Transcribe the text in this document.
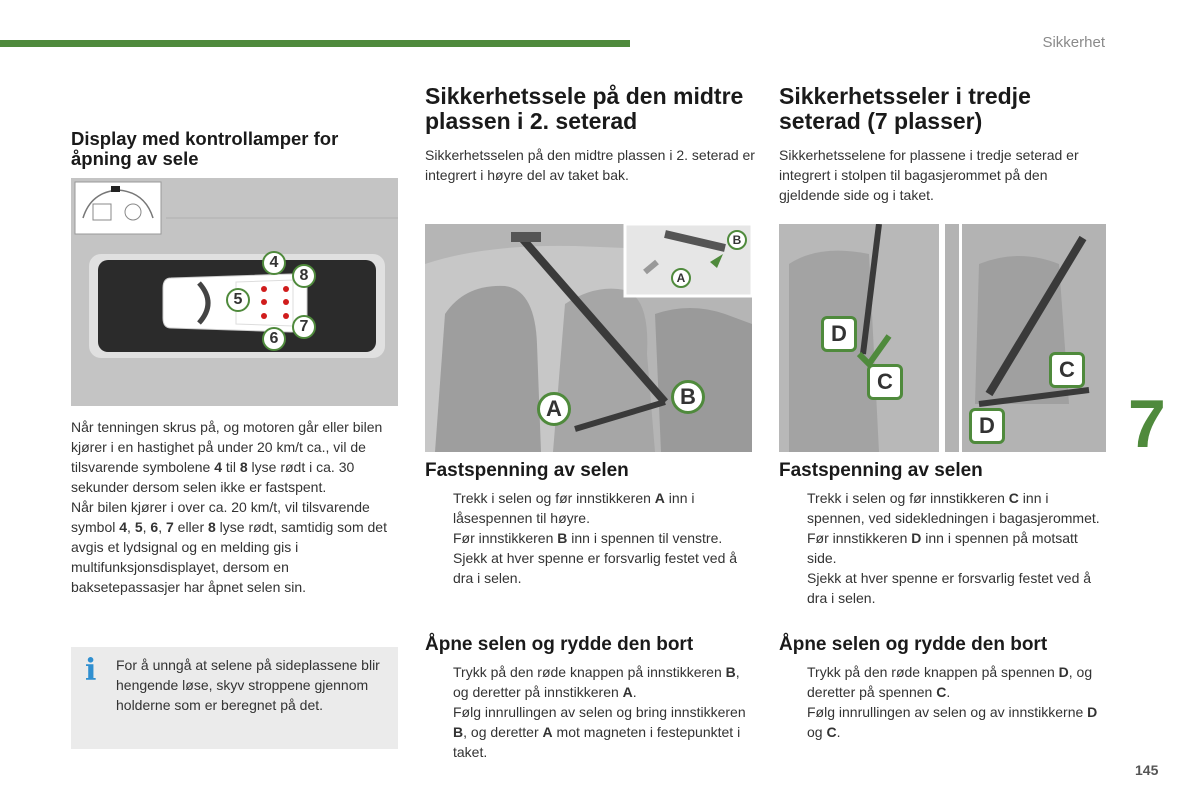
Sikkerhet
7
145
Display med kontrollamper for åpning av sele
4
5
6
7
8

Når tenningen skrus på, og motoren går eller bilen kjører i en hastighet på under 20 km/t ca., vil de tilsvarende symbolene 4 til 8 lyse rødt i ca. 30 sekunder dersom selen ikke er fastspent.

Når bilen kjører i over ca. 20 km/t, vil tilsvarende symbol 4, 5, 6, 7 eller 8 lyse rødt, samtidig som det avgis et lydsignal og en melding gis i multifunksjonsdisplayet, dersom en baksetepassasjer har åpnet selen sin.

i For å unngå at selene på sideplassene blir hengende løse, skyv stroppene gjennom holderne som er beregnet på det.
Sikkerhetssele på den midtre plassen i 2. seterad
Sikkerhetsselen på den midtre plassen i 2. seterad er integrert i høyre del av taket bak.
A	B
A
B
Fastspenning av selen
Trekk i selen og før innstikkeren A inn i låsespennen til høyre.
Før innstikkeren B inn i spennen til venstre.
Sjekk at hver spenne er forsvarlig festet ved å dra i selen.
Åpne selen og rydde den bort
Trykk på den røde knappen på innstikkeren B, og deretter på innstikkeren A.
Følg innrullingen av selen og bring innstikkeren B, og deretter A mot magneten i festepunktet i taket.
Sikkerhetsseler i tredje seterad (7 plasser)
Sikkerhetsselene for plassene i tredje seterad er integrert i stolpen til bagasjerommet på den gjeldende side og i taket.
D
C	C
D
Fastspenning av selen
Trekk i selen og før innstikkeren C inn i spennen, ved sidekledningen i bagasjerommet.
Før innstikkeren D inn i spennen på motsatt side.
Sjekk at hver spenne er forsvarlig festet ved å dra i selen.
Åpne selen og rydde den bort
Trykk på den røde knappen på spennen D, og deretter på spennen C.
Følg innrullingen av selen og av innstikkerne D og C.
